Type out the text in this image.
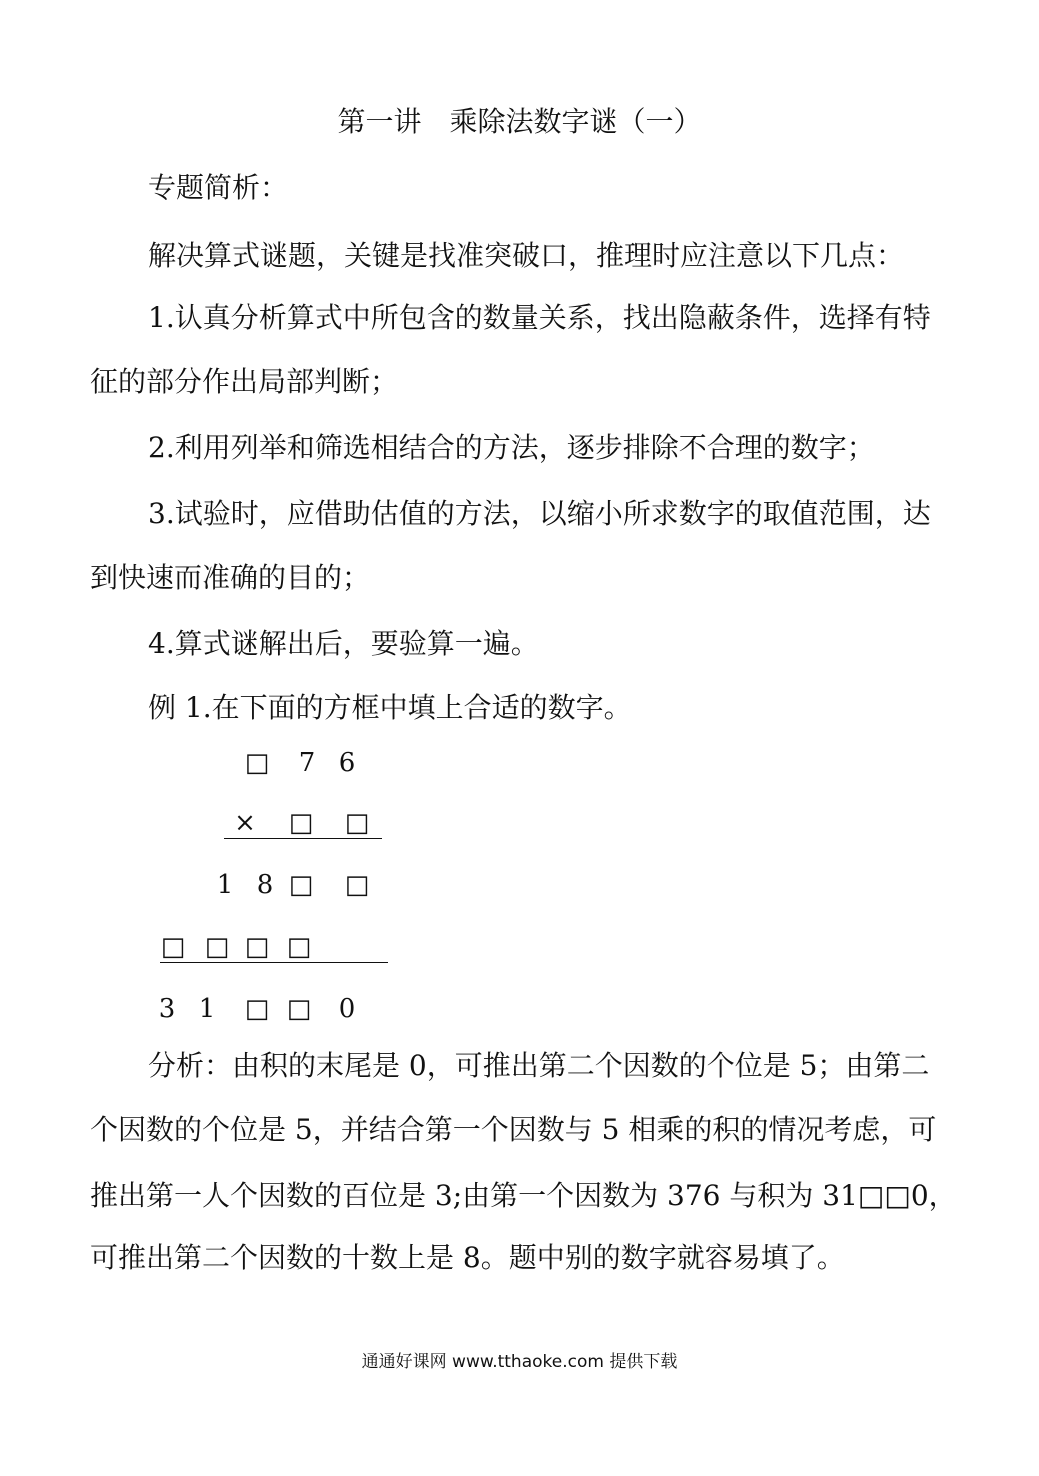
第一讲　乘除法数字谜（一）
专题简析：
解决算式谜题，关键是找准突破口，推理时应注意以下几点：
1.认真分析算式中所包含的数量关系，找出隐蔽条件，选择有特
征的部分作出局部判断；
2.利用列举和筛选相结合的方法，逐步排除不合理的数字；
3.试验时，应借助估值的方法，以缩小所求数字的取值范围，达
到快速而准确的目的；
4.算式谜解出后，要验算一遍。
例 1.在下面的方框中填上合适的数字。
□	7 6
× □ □
1 8 □ □
□ □ □ □
3 1	□ □	0
分析：由积的末尾是 0，可推出第二个因数的个位是 5；由第二
个因数的个位是 5，并结合第一个因数与 5 相乘的积的情况考虑，可
推出第一人个因数的百位是 3;由第一个因数为 376 与积为 31□□0，
可推出第二个因数的十数上是 8。题中别的数字就容易填了。
通通好课网 www.tthaoke.com 提供下载
